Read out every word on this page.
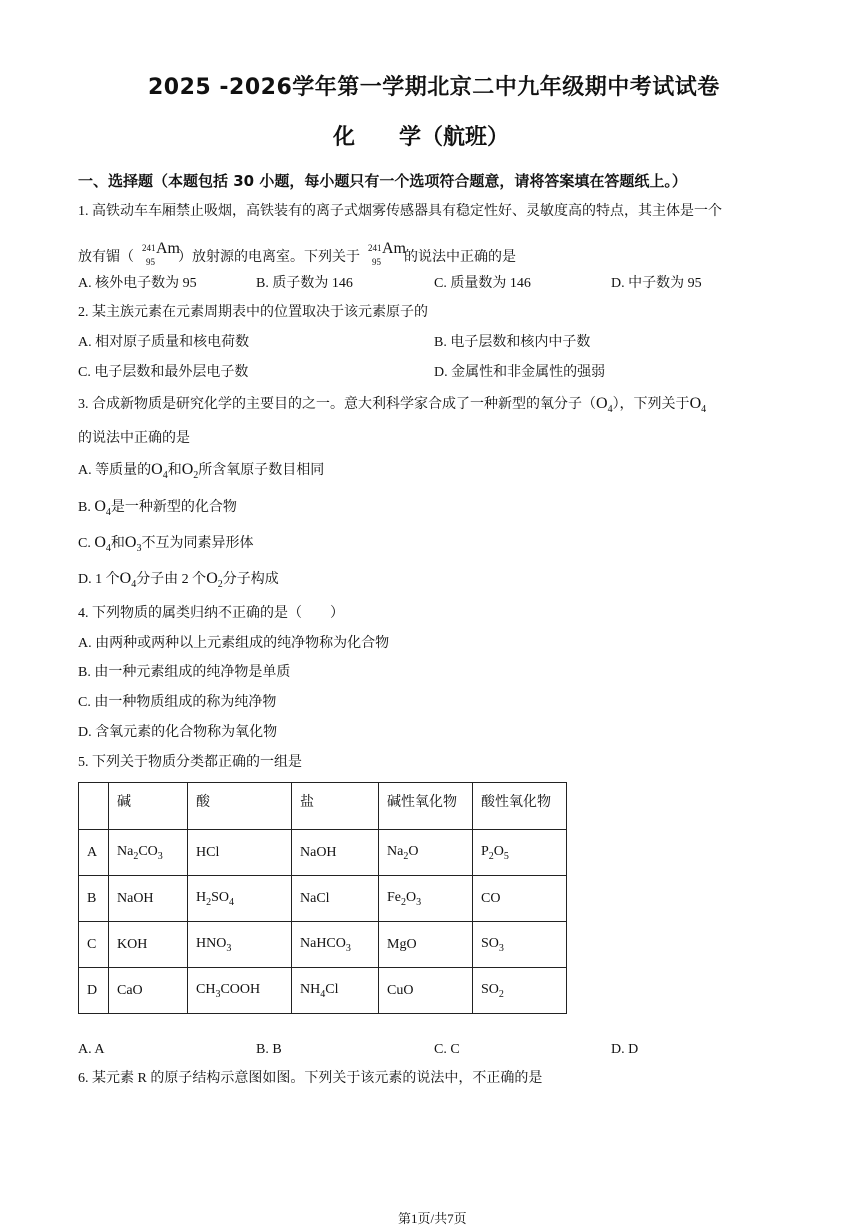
2025 -2026学年第一学期北京二中九年级期中考试试卷
化　　学（航班）
一、选择题（本题包括 30 小题，每小题只有一个选项符合题意，请将答案填在答题纸上。）
1. 高铁动车车厢禁止吸烟，高铁装有的离子式烟雾传感器具有稳定性好、灵敏度高的特点，其主体是一个
放有镅（
241
95
Am
）放射源的电离室。下列关于
241
95
Am
的说法中正确的是
A. 核外电子数为 95	B. 质子数为 146	C. 质量数为 146	D. 中子数为 95
2. 某主族元素在元素周期表中的位置取决于该元素原子的
A. 相对原子质量和核电荷数	B. 电子层数和核内中子数
C. 电子层数和最外层电子数	D. 金属性和非金属性的强弱
3. 合成新物质是研究化学的主要目的之一。意大利科学家合成了一种新型的氧分子$(O_4)$，下列关于$O_4$
的说法中正确的是
A. 等质量的$O_4$和$O_2$所含氧原子数目相同
B. $O_4$是一种新型的化合物
C. $O_4$和$O_3$不互为同素异形体
D. 1 个$O_4$分子由 2 个$O_2$分子构成
4. 下列物质的属类归纳不正确的是（　　）
A. 由两种或两种以上元素组成的纯净物称为化合物
B. 由一种元素组成的纯净物是单质
C. 由一种物质组成的称为纯净物
D. 含氧元素的化合物称为氧化物
5. 下列关于物质分类都正确的一组是
	碱	酸	盐	碱性氧化物	酸性氧化物
A	$Na_2CO_3$	HCl	NaOH	$Na_2O$	$P_2O_5$
B	NaOH	$H_2SO_4$	NaCl	$Fe_2O_3$	CO
C	KOH	$HNO_3$	NaHCO$_3$	MgO	$SO_3$
D	CaO	$CH_3COOH$	$NH_4Cl$	CuO	$SO_2$
A. A	B. B	C. C	D. D
6. 某元素 R 的原子结构示意图如图。下列关于该元素的说法中，不正确的是
第1页/共7页
